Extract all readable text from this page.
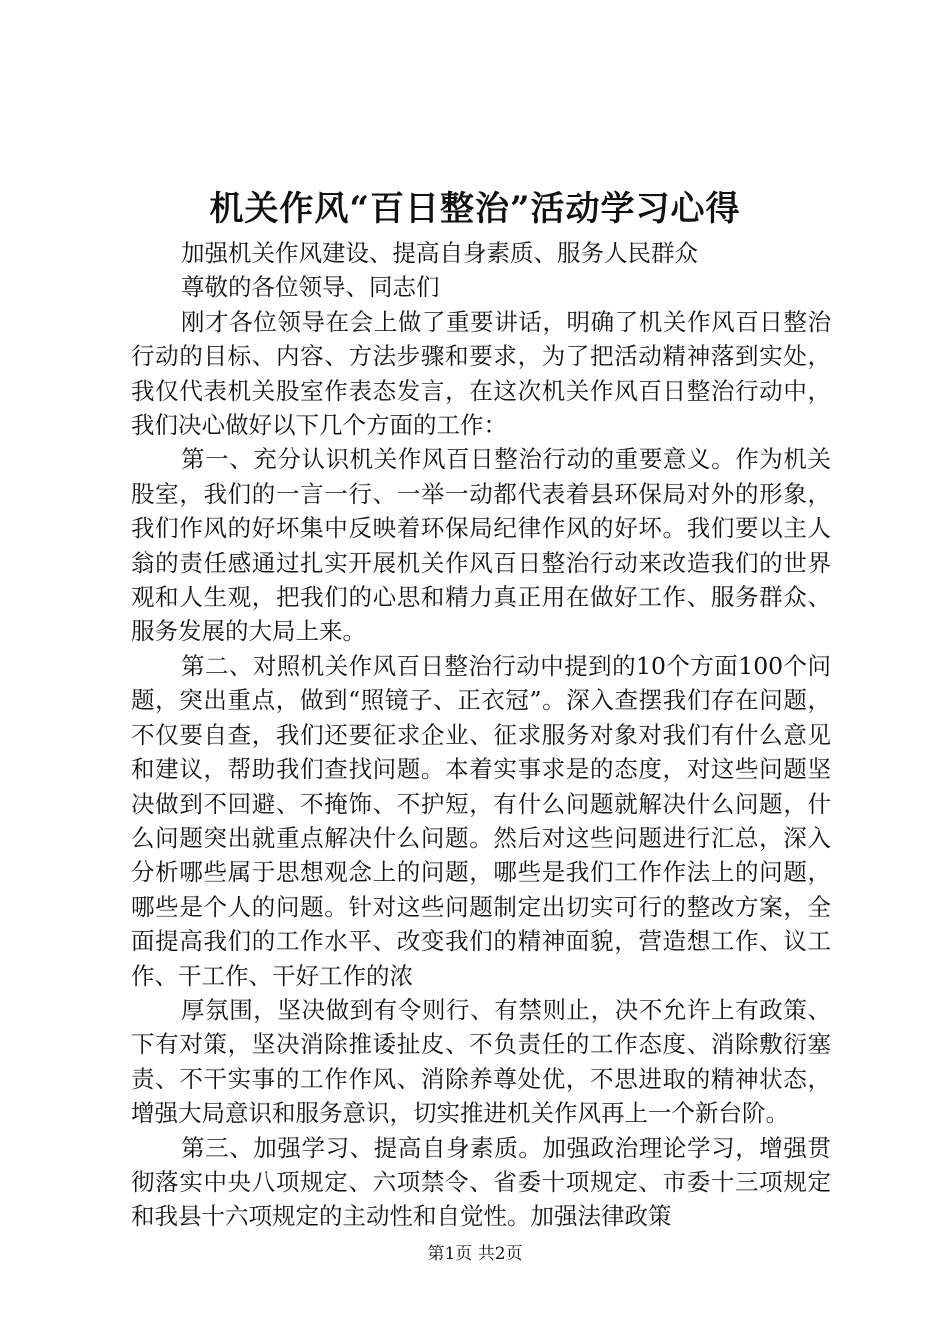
机关作风“百日整治”活动学习心得

加强机关作风建设、提高自身素质、服务人民群众

尊敬的各位领导、同志们

刚才各位领导在会上做了重要讲话，明确了机关作风百日整治行动的目标、内容、方法步骤和要求，为了把活动精神落到实处，我仅代表机关股室作表态发言，在这次机关作风百日整治行动中，我们决心做好以下几个方面的工作：

第一、充分认识机关作风百日整治行动的重要意义。作为机关股室，我们的一言一行、一举一动都代表着县环保局对外的形象，我们作风的好坏集中反映着环保局纪律作风的好坏。我们要以主人翁的责任感通过扎实开展机关作风百日整治行动来改造我们的世界观和人生观，把我们的心思和精力真正用在做好工作、服务群众、服务发展的大局上来。

第二、对照机关作风百日整治行动中提到的10个方面100个问题，突出重点，做到“照镜子、正衣冠”。深入查摆我们存在问题，不仅要自查，我们还要征求企业、征求服务对象对我们有什么意见和建议，帮助我们查找问题。本着实事求是的态度，对这些问题坚决做到不回避、不掩饰、不护短，有什么问题就解决什么问题，什么问题突出就重点解决什么问题。然后对这些问题进行汇总，深入分析哪些属于思想观念上的问题，哪些是我们工作作法上的问题，哪些是个人的问题。针对这些问题制定出切实可行的整改方案，全面提高我们的工作水平、改变我们的精神面貌，营造想工作、议工作、干工作、干好工作的浓

厚氛围，坚决做到有令则行、有禁则止，决不允许上有政策、下有对策，坚决消除推诿扯皮、不负责任的工作态度、消除敷衍塞责、不干实事的工作作风、消除养尊处优，不思进取的精神状态，增强大局意识和服务意识，切实推进机关作风再上一个新台阶。

第三、加强学习、提高自身素质。加强政治理论学习，增强贯彻落实中央八项规定、六项禁令、省委十项规定、市委十三项规定和我县十六项规定的主动性和自觉性。加强法律政策

第1页 共2页
